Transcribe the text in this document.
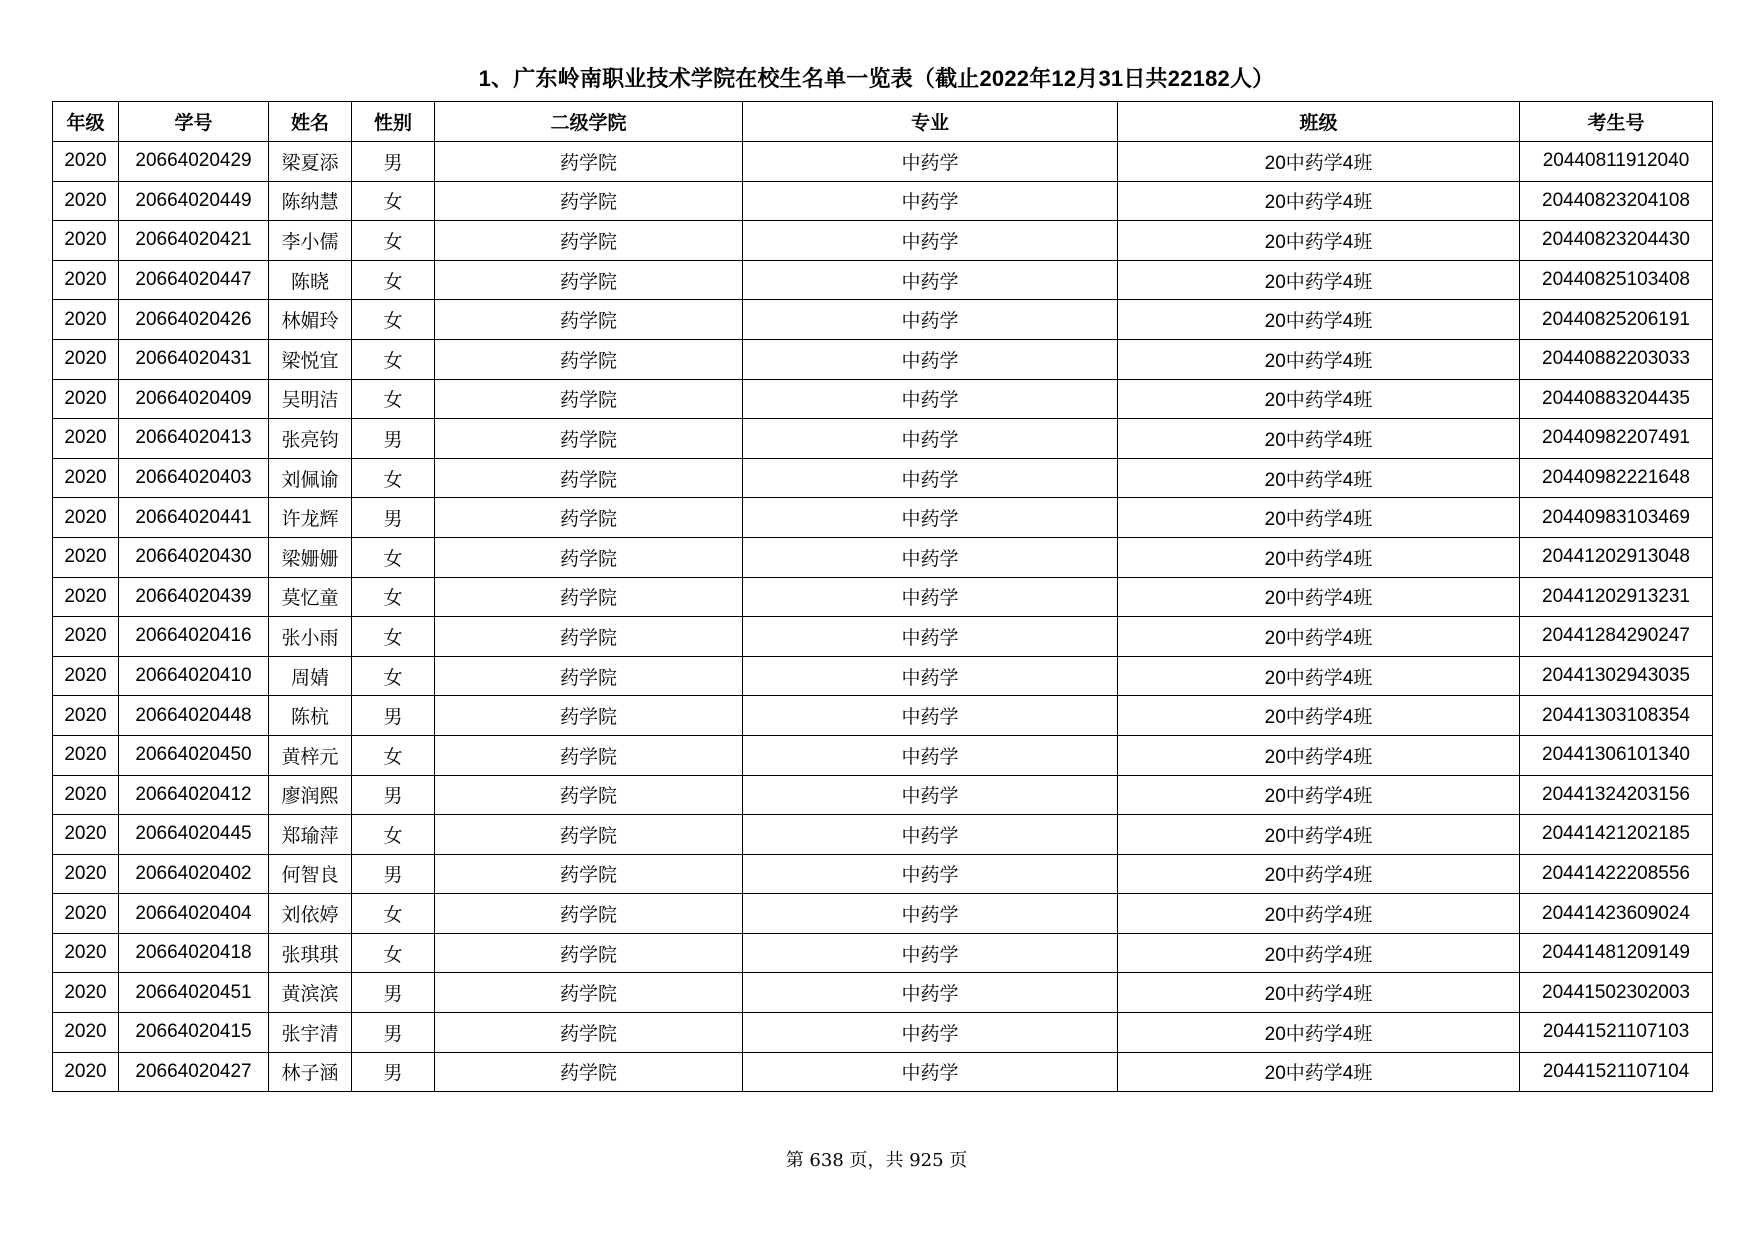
1、广东岭南职业技术学院在校生名单一览表（截止2022年12月31日共22182人）
年级	学号	姓名	性别	二级学院	专业	班级	考生号
2020	20664020429	梁夏添	男	药学院	中药学	20中药学4班	20440811912040
2020	20664020449	陈纳慧	女	药学院	中药学	20中药学4班	20440823204108
2020	20664020421	李小儒	女	药学院	中药学	20中药学4班	20440823204430
2020	20664020447	陈晓	女	药学院	中药学	20中药学4班	20440825103408
2020	20664020426	林媚玲	女	药学院	中药学	20中药学4班	20440825206191
2020	20664020431	梁悦宜	女	药学院	中药学	20中药学4班	20440882203033
2020	20664020409	吴明洁	女	药学院	中药学	20中药学4班	20440883204435
2020	20664020413	张亮钧	男	药学院	中药学	20中药学4班	20440982207491
2020	20664020403	刘佩谕	女	药学院	中药学	20中药学4班	20440982221648
2020	20664020441	许龙辉	男	药学院	中药学	20中药学4班	20440983103469
2020	20664020430	梁姗姗	女	药学院	中药学	20中药学4班	20441202913048
2020	20664020439	莫忆童	女	药学院	中药学	20中药学4班	20441202913231
2020	20664020416	张小雨	女	药学院	中药学	20中药学4班	20441284290247
2020	20664020410	周婧	女	药学院	中药学	20中药学4班	20441302943035
2020	20664020448	陈杭	男	药学院	中药学	20中药学4班	20441303108354
2020	20664020450	黄梓元	女	药学院	中药学	20中药学4班	20441306101340
2020	20664020412	廖润熙	男	药学院	中药学	20中药学4班	20441324203156
2020	20664020445	郑瑜萍	女	药学院	中药学	20中药学4班	20441421202185
2020	20664020402	何智良	男	药学院	中药学	20中药学4班	20441422208556
2020	20664020404	刘依婷	女	药学院	中药学	20中药学4班	20441423609024
2020	20664020418	张琪琪	女	药学院	中药学	20中药学4班	20441481209149
2020	20664020451	黄滨滨	男	药学院	中药学	20中药学4班	20441502302003
2020	20664020415	张宇清	男	药学院	中药学	20中药学4班	20441521107103
2020	20664020427	林子涵	男	药学院	中药学	20中药学4班	20441521107104
第 638 页，共 925 页
